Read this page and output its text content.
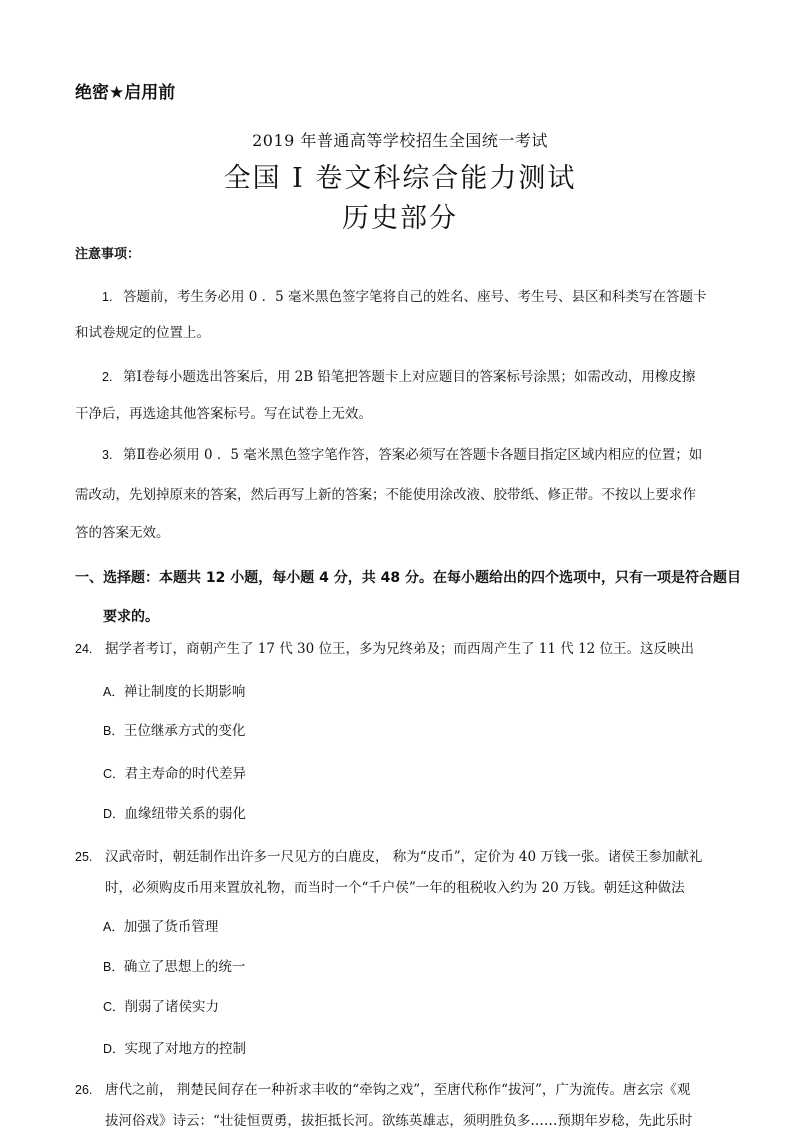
绝密★启用前
2019 年普通高等学校招生全国统一考试
全国 I 卷文科综合能力测试
历史部分
注意事项：
1. 答题前，考生务必用 0 ．5 毫米黑色签字笔将自己的姓名、座号、考生号、县区和科类写在答题卡
和试卷规定的位置上。
2. 第Ⅰ卷每小题选出答案后，用 2B 铅笔把答题卡上对应题目的答案标号涂黑；如需改动，用橡皮擦
干净后，再选途其他答案标号。写在试卷上无效。
3. 第Ⅱ卷必须用 0 ．5 毫米黑色签字笔作答，答案必须写在答题卡各题目指定区域内相应的位置；如
需改动，先划掉原来的答案，然后再写上新的答案；不能使用涂改液、胶带纸、修正带。不按以上要求作
答的答案无效。
一、选择题：本题共 12 小题，每小题 4 分，共 48 分。在每小题给出的四个选项中，只有一项是符合题目
要求的。
24. 据学者考订，商朝产生了 17 代 30 位王，多为兄终弟及；而西周产生了 11 代 12 位王。这反映出
A．禅让制度的长期影响
B．王位继承方式的变化
C．君主寿命的时代差异
D．血缘纽带关系的弱化
25. 汉武帝时，朝廷制作出许多一尺见方的白鹿皮， 称为“皮币”，定价为 40 万钱一张。诸侯王参加献礼
时，必须购皮币用来置放礼物，而当时一个“千户侯”一年的租税收入约为 20 万钱。朝廷这种做法
A．加强了货币管理
B．确立了思想上的统一
C．削弱了诸侯实力
D．实现了对地方的控制
26. 唐代之前， 荆楚民间存在一种祈求丰收的“牵钩之戏”，至唐代称作“拔河”，广为流传。唐玄宗《观
拔河俗戏》诗云：“壮徒恒贾勇，拔拒抵长河。欲练英雄志，须明胜负多……预期年岁稔，先此乐时
